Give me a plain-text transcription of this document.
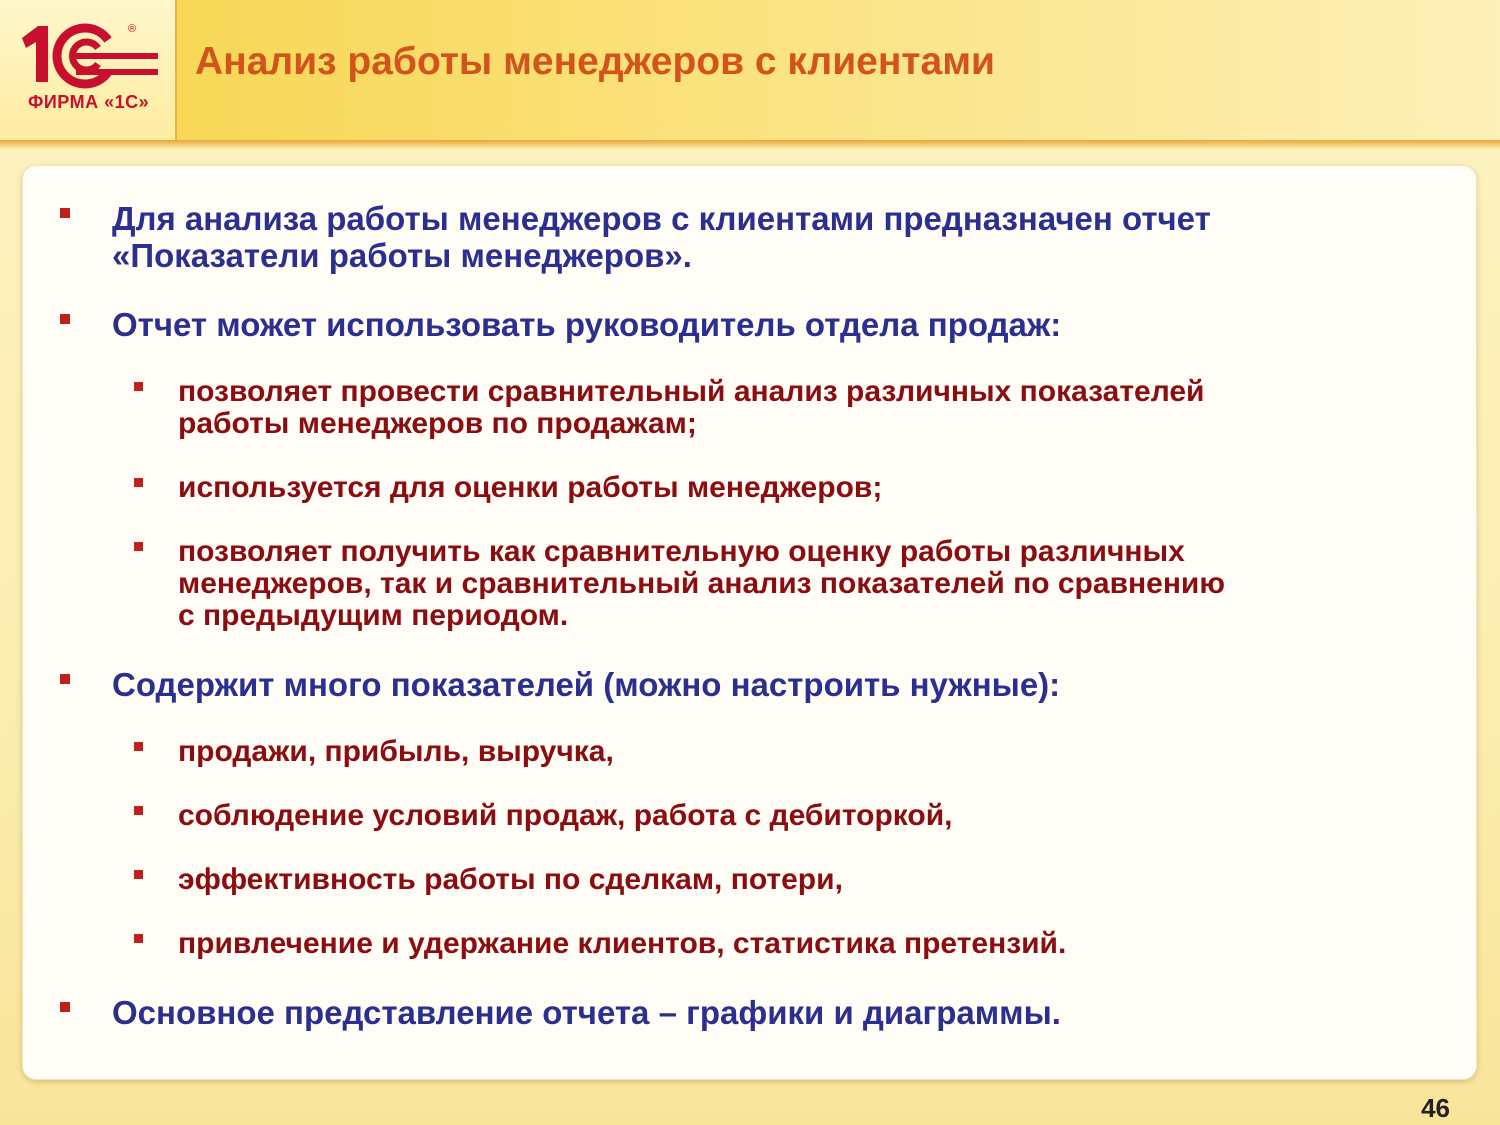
®
ФИРМА «1С»
Анализ работы менеджеров с клиентами
Для анализа работы менеджеров с клиентами предназначен отчет
«Показатели работы менеджеров».
Отчет может использовать руководитель отдела продаж:
позволяет провести сравнительный анализ различных показателей
работы менеджеров по продажам;
используется для оценки работы менеджеров;
позволяет получить как сравнительную оценку работы различных
менеджеров, так и сравнительный анализ показателей по сравнению
с предыдущим периодом.
Содержит много показателей (можно настроить нужные):
продажи, прибыль, выручка,
соблюдение условий продаж, работа с дебиторкой,
эффективность работы по сделкам, потери,
привлечение и удержание клиентов, статистика претензий.
Основное представление отчета – графики и диаграммы.
46
